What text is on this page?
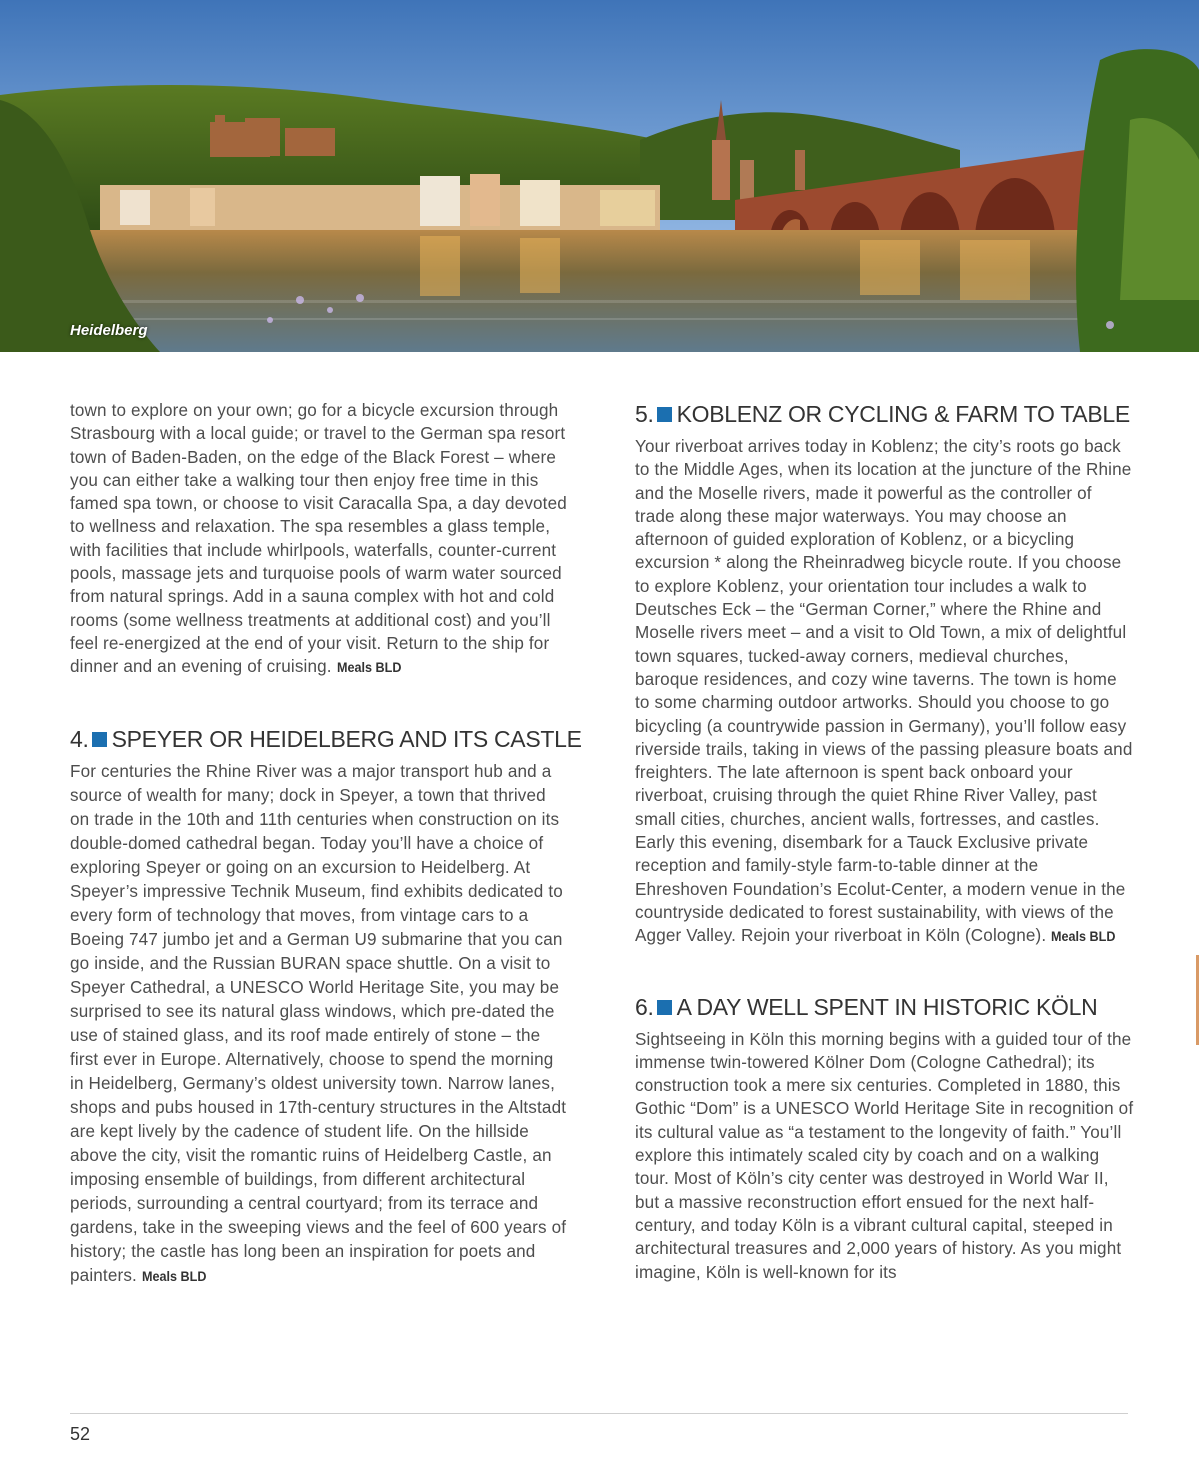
Heidelberg

town to explore on your own; go for a bicycle excursion through Strasbourg with a local guide; or travel to the German spa resort town of Baden-Baden, on the edge of the Black Forest – where you can either take a walking tour then enjoy free time in this famed spa town, or choose to visit Caracalla Spa, a day devoted to wellness and relaxation. The spa resembles a glass temple, with facilities that include whirlpools, waterfalls, counter-current pools, massage jets and turquoise pools of warm water sourced from natural springs. Add in a sauna complex with hot and cold rooms (some wellness treatments at additional cost) and you’ll feel re-energized at the end of your visit. Return to the ship for dinner and an evening of cruising. Meals BLD

4. SPEYER OR HEIDELBERG AND ITS CASTLE

For centuries the Rhine River was a major transport hub and a source of wealth for many; dock in Speyer, a town that thrived on trade in the 10th and 11th centuries when construction on its double-domed cathedral began. Today you’ll have a choice of exploring Speyer or going on an excursion to Heidelberg. At Speyer’s impressive Technik Museum, find exhibits dedicated to every form of technology that moves, from vintage cars to a Boeing 747 jumbo jet and a German U9 submarine that you can go inside, and the Russian BURAN space shuttle. On a visit to Speyer Cathedral, a UNESCO World Heritage Site, you may be surprised to see its natural glass windows, which pre-dated the use of stained glass, and its roof made entirely of stone – the first ever in Europe. Alternatively, choose to spend the morning in Heidelberg, Germany’s oldest university town. Narrow lanes, shops and pubs housed in 17th-century structures in the Altstadt are kept lively by the cadence of student life. On the hillside above the city, visit the romantic ruins of Heidelberg Castle, an imposing ensemble of buildings, from different architectural periods, surrounding a central courtyard; from its terrace and gardens, take in the sweeping views and the feel of 600 years of history; the castle has long been an inspiration for poets and painters. Meals BLD

5. KOBLENZ OR CYCLING & FARM TO TABLE

Your riverboat arrives today in Koblenz; the city’s roots go back to the Middle Ages, when its location at the juncture of the Rhine and the Moselle rivers, made it powerful as the controller of trade along these major waterways. You may choose an afternoon of guided exploration of Koblenz, or a bicycling excursion * along the Rheinradweg bicycle route. If you choose to explore Koblenz, your orientation tour includes a walk to Deutsches Eck – the “German Corner,” where the Rhine and Moselle rivers meet – and a visit to Old Town, a mix of delightful town squares, tucked-away corners, medieval churches, baroque residences, and cozy wine taverns. The town is home to some charming outdoor artworks. Should you choose to go bicycling (a countrywide passion in Germany), you’ll follow easy riverside trails, taking in views of the passing pleasure boats and freighters. The late afternoon is spent back onboard your riverboat, cruising through the quiet Rhine River Valley, past small cities, churches, ancient walls, fortresses, and castles. Early this evening, disembark for a Tauck Exclusive private reception and family-style farm-to-table dinner at the Ehreshoven Foundation’s Ecolut-Center, a modern venue in the countryside dedicated to forest sustainability, with views of the Agger Valley. Rejoin your riverboat in Köln (Cologne). Meals BLD

6. A DAY WELL SPENT IN HISTORIC KÖLN

Sightseeing in Köln this morning begins with a guided tour of the immense twin-towered Kölner Dom (Cologne Cathedral); its construction took a mere six centuries. Completed in 1880, this Gothic “Dom” is a UNESCO World Heritage Site in recognition of its cultural value as “a testament to the longevity of faith.” You’ll explore this intimately scaled city by coach and on a walking tour. Most of Köln’s city center was destroyed in World War II, but a massive reconstruction effort ensued for the next half-century, and today Köln is a vibrant cultural capital, steeped in architectural treasures and 2,000 years of history. As you might imagine, Köln is well-known for its

52
